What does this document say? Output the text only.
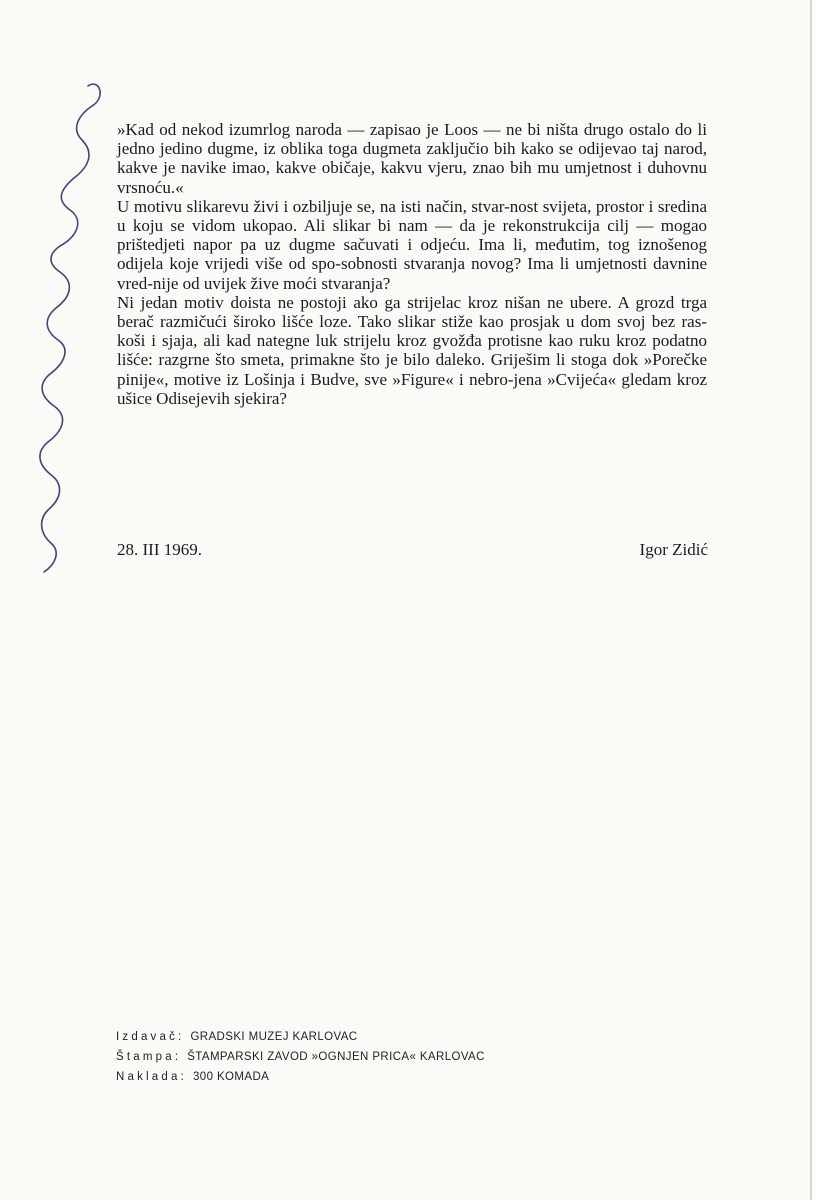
»Kad od nekod izumrlog naroda — zapisao je Loos — ne bi ništa drugo ostalo do li jedno jedino dugme, iz oblika toga dugmeta zaključio bih kako se odijevao taj narod, kakve je navike imao, kakve običaje, kakvu vjeru, znao bih mu umjetnost i duhovnu vrsnoću.«

U motivu slikarevu živi i ozbiljuje se, na isti način, stvar-nost svijeta, prostor i sredina u koju se vidom ukopao. Ali slikar bi nam — da je rekonstrukcija cilj — mogao prištedjeti napor pa uz dugme sačuvati i odjeću. Ima li, međutim, tog iznošenog odijela koje vrijedi više od spo-sobnosti stvaranja novog? Ima li umjetnosti davnine vred-nije od uvijek žive moći stvaranja?

Ni jedan motiv doista ne postoji ako ga strijelac kroz nišan ne ubere. A grozd trga berač razmičući široko lišće loze. Tako slikar stiže kao prosjak u dom svoj bez ras-koši i sjaja, ali kad nategne luk strijelu kroz gvožđa protisne kao ruku kroz podatno lišće: razgrne što smeta, primakne što je bilo daleko. Griješim li stoga dok »Porečke pinije«, motive iz Lošinja i Budve, sve »Figure« i nebro-jena »Cvijeća« gledam kroz ušice Odisejevih sjekira?

28. III 1969.	Igor Zidić
Izdavač: GRADSKI MUZEJ KARLOVAC
Štampa: ŠTAMPARSKI ZAVOD »OGNJEN PRICA« KARLOVAC
Naklada: 300 KOMADA
